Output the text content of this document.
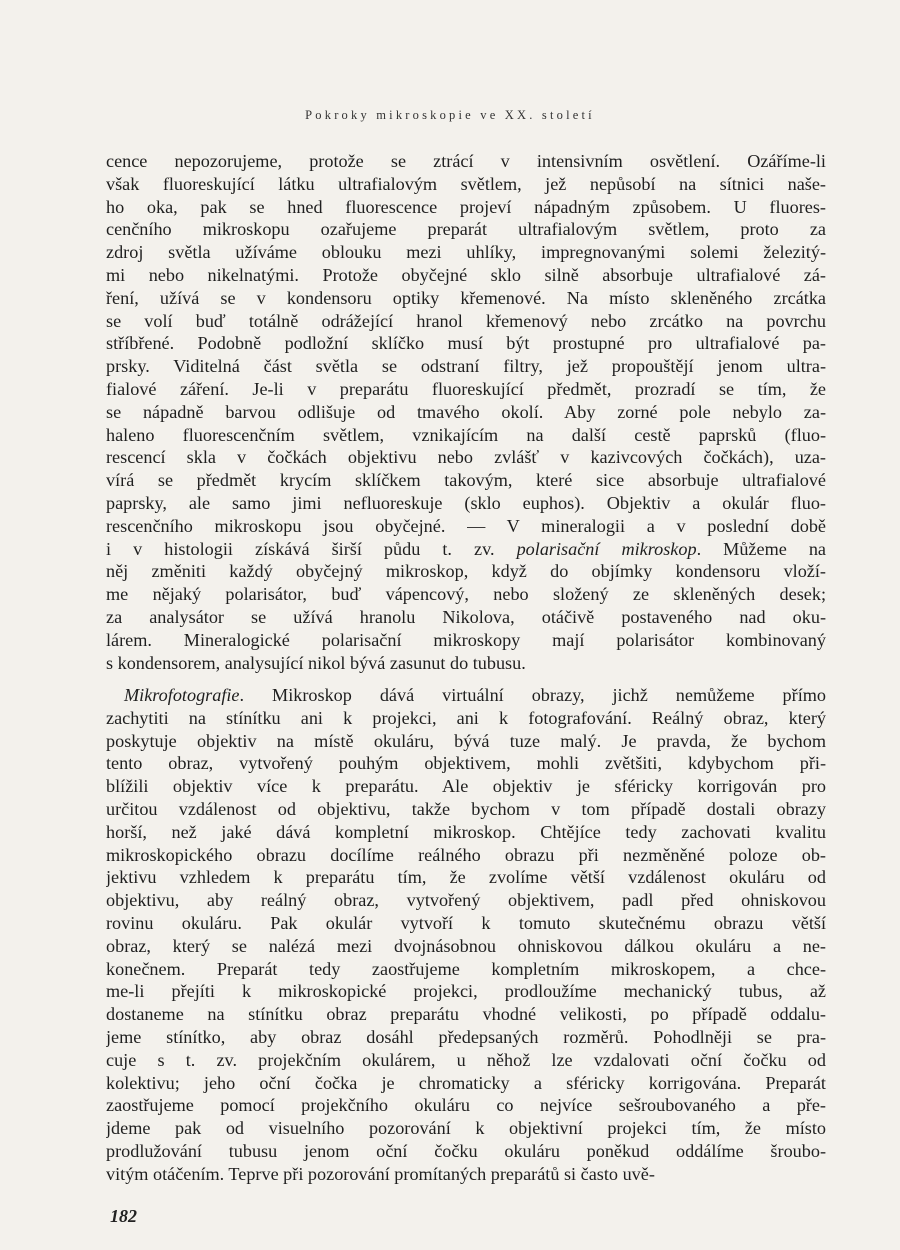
Pokroky mikroskopie ve XX. století
cence nepozorujeme, protože se ztrácí v intensivním osvětlení. Ozáříme-li
však fluoreskující látku ultrafialovým světlem, jež nepůsobí na sítnici naše-
ho oka, pak se hned fluorescence projeví nápadným způsobem. U fluores-
cenčního mikroskopu ozařujeme preparát ultrafialovým světlem, proto za
zdroj světla užíváme oblouku mezi uhlíky, impregnovanými solemi železitý-
mi nebo nikelnatými. Protože obyčejné sklo silně absorbuje ultrafialové zá-
ření, užívá se v kondensoru optiky křemenové. Na místo skleněného zrcátka
se volí buď totálně odrážející hranol křemenový nebo zrcátko na povrchu
stříbřené. Podobně podložní sklíčko musí být prostupné pro ultrafialové pa-
prsky. Viditelná část světla se odstraní filtry, jež propouštějí jenom ultra-
fialové záření. Je-li v preparátu fluoreskující předmět, prozradí se tím, že
se nápadně barvou odlišuje od tmavého okolí. Aby zorné pole nebylo za-
haleno fluorescenčním světlem, vznikajícím na další cestě paprsků (fluo-
rescencí skla v čočkách objektivu nebo zvlášť v kazivcových čočkách), uza-
vírá se předmět krycím sklíčkem takovým, které sice absorbuje ultrafialové
paprsky, ale samo jimi nefluoreskuje (sklo euphos). Objektiv a okulár fluo-
rescenčního mikroskopu jsou obyčejné. — V mineralogii a v poslední době
i v histologii získává širší půdu t. zv. polarisační mikroskop. Můžeme na
něj změniti každý obyčejný mikroskop, když do objímky kondensoru vloží-
me nějaký polarisátor, buď vápencový, nebo složený ze skleněných desek;
za analysátor se užívá hranolu Nikolova, otáčivě postaveného nad oku-
lárem. Mineralogické polarisační mikroskopy mají polarisátor kombinovaný
s kondensorem, analysující nikol bývá zasunut do tubusu.
Mikrofotografie. Mikroskop dává virtuální obrazy, jichž nemůžeme přímo
zachytiti na stínítku ani k projekci, ani k fotografování. Reálný obraz, který
poskytuje objektiv na místě okuláru, bývá tuze malý. Je pravda, že bychom
tento obraz, vytvořený pouhým objektivem, mohli zvětšiti, kdybychom při-
blížili objektiv více k preparátu. Ale objektiv je sféricky korrigován pro
určitou vzdálenost od objektivu, takže bychom v tom případě dostali obrazy
horší, než jaké dává kompletní mikroskop. Chtějíce tedy zachovati kvalitu
mikroskopického obrazu docílíme reálného obrazu při nezměněné poloze ob-
jektivu vzhledem k preparátu tím, že zvolíme větší vzdálenost okuláru od
objektivu, aby reálný obraz, vytvořený objektivem, padl před ohniskovou
rovinu okuláru. Pak okulár vytvoří k tomuto skutečnému obrazu větší
obraz, který se nalézá mezi dvojnásobnou ohniskovou dálkou okuláru a ne-
konečnem. Preparát tedy zaostřujeme kompletním mikroskopem, a chce-
me-li přejíti k mikroskopické projekci, prodloužíme mechanický tubus, až
dostaneme na stínítku obraz preparátu vhodné velikosti, po případě oddalu-
jeme stínítko, aby obraz dosáhl předepsaných rozměrů. Pohodlněji se pra-
cuje s t. zv. projekčním okulárem, u něhož lze vzdalovati oční čočku od
kolektivu; jeho oční čočka je chromaticky a sféricky korrigována. Preparát
zaostřujeme pomocí projekčního okuláru co nejvíce sešroubovaného a pře-
jdeme pak od visuelního pozorování k objektivní projekci tím, že místo
prodlužování tubusu jenom oční čočku okuláru poněkud oddálíme šroubo-
vitým otáčením. Teprve při pozorování promítaných preparátů si často uvě-
182
